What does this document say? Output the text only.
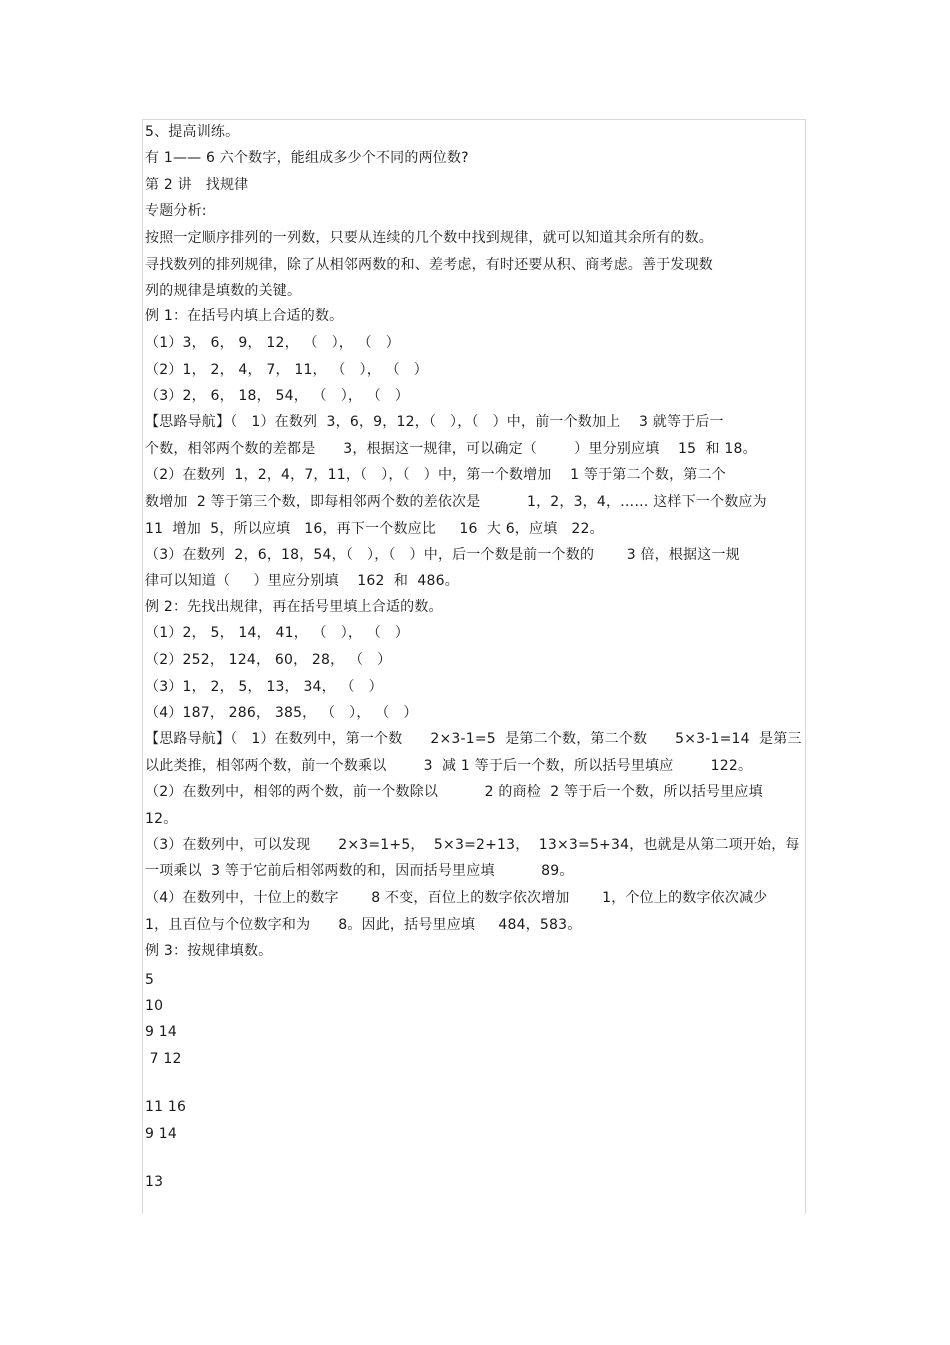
5、提高训练。
有 1—— 6 六个数字，能组成多少个不同的两位数?
第 2 讲   找规律
专题分析:
按照一定顺序排列的一列数，只要从连续的几个数中找到规律，就可以知道其余所有的数。
寻找数列的排列规律，除了从相邻两数的和、差考虑，有时还要从积、商考虑。善于发现数
列的规律是填数的关键。
例 1：在括号内填上合适的数。
（1）3， 6， 9， 12， （   ）， （   ）
（2）1， 2， 4， 7， 11， （   ）， （   ）
（3）2， 6， 18， 54， （   ）， （   ）
【思路导航】（   1）在数列  3，6，9，12，（   ），（   ）中，前一个数加上    3 就等于后一
个数，相邻两个数的差都是      3，根据这一规律，可以确定（        ）里分别应填    15  和 18。
（2）在数列  1，2，4，7，11，（   ），（   ）中，第一个数增加    1 等于第二个数，第二个
数增加  2 等于第三个数，即每相邻两个数的差依次是          1，2，3，4，…… 这样下一个数应为
11  增加  5，所以应填   16，再下一个数应比     16  大 6，应填   22。
（3）在数列  2，6，18，54，（   ），（   ）中，后一个数是前一个数的       3 倍，根据这一规
律可以知道（     ）里应分别填    162  和  486。
例 2：先找出规律，再在括号里填上合适的数。
（1）2， 5， 14， 41， （   ）， （   ）
（2）252， 124， 60， 28， （   ）
（3）1， 2， 5， 13， 34， （   ）
（4）187， 286， 385， （   ）， （   ）
【思路导航】（   1）在数列中，第一个数      2×3-1=5  是第二个数，第二个数      5×3-1=14  是第三
以此类推，相邻两个数，前一个数乘以        3  减 1 等于后一个数，所以括号里填应        122。
（2）在数列中，相邻的两个数，前一个数除以          2 的商检  2 等于后一个数，所以括号里应填
12。
（3）在数列中，可以发现      2×3=1+5，  5×3=2+13，  13×3=5+34，也就是从第二项开始，每
一项乘以  3 等于它前后相邻两数的和，因而括号里应填          89。
（4）在数列中，十位上的数字       8 不变，百位上的数字依次增加       1，个位上的数字依次减少
1，且百位与个位数字和为      8。因此，括号里应填     484，583。
例 3：按规律填数。
5
10
9 14
7 12
11 16
9 14
13
